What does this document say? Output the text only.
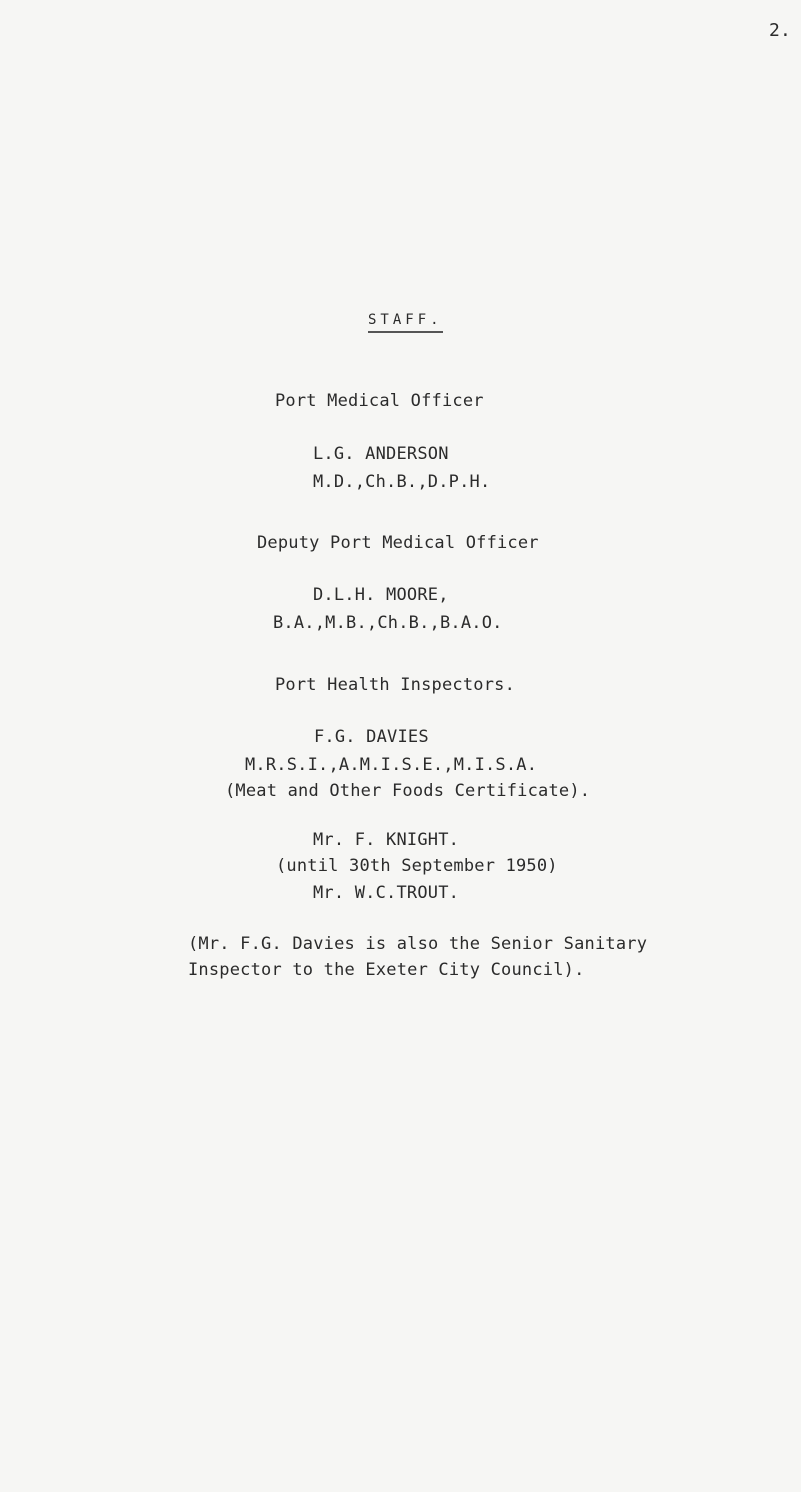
2.
STAFF.
Port Medical Officer
L.G. ANDERSON
M.D.,Ch.B.,D.P.H.
Deputy Port Medical Officer
D.L.H. MOORE,
B.A.,M.B.,Ch.B.,B.A.O.
Port Health Inspectors.
F.G. DAVIES
M.R.S.I.,A.M.I.S.E.,M.I.S.A.
(Meat and Other Foods Certificate).
Mr. F. KNIGHT.
(until 30th September 1950)
Mr. W.C.TROUT.
(Mr. F.G. Davies is also the Senior Sanitary
Inspector to the Exeter City Council).
